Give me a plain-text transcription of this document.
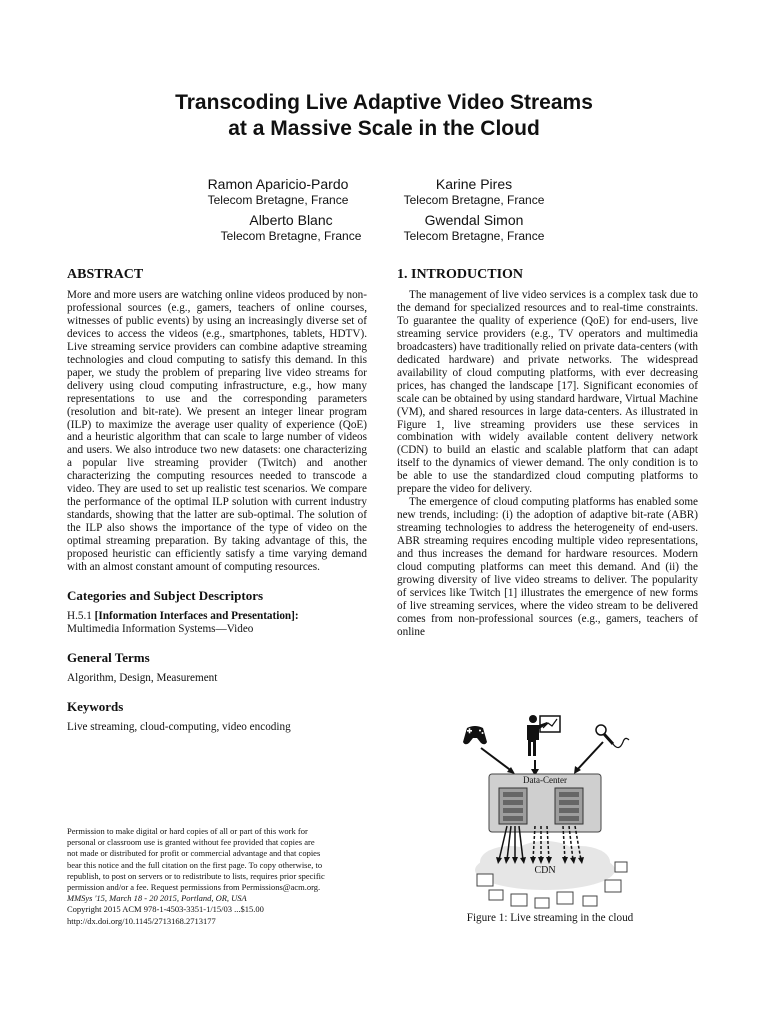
Transcoding Live Adaptive Video Streams
at a Massive Scale in the Cloud
Ramon Aparicio-Pardo
Telecom Bretagne, France
Karine Pires
Telecom Bretagne, France
Alberto Blanc
Telecom Bretagne, France
Gwendal Simon
Telecom Bretagne, France
ABSTRACT

More and more users are watching online videos produced by non-professional sources (e.g., gamers, teachers of online courses, witnesses of public events) by using an increasingly diverse set of devices to access the videos (e.g., smartphones, tablets, HDTV). Live streaming service providers can combine adaptive streaming technologies and cloud computing to satisfy this demand. In this paper, we study the problem of preparing live video streams for delivery using cloud computing infrastructure, e.g., how many representations to use and the corresponding parameters (resolution and bit-rate). We present an integer linear program (ILP) to maximize the average user quality of experience (QoE) and a heuristic algorithm that can scale to large number of videos and users. We also introduce two new datasets: one characterizing a popular live streaming provider (Twitch) and another characterizing the computing resources needed to transcode a video. They are used to set up realistic test scenarios. We compare the performance of the optimal ILP solution with current industry standards, showing that the latter are sub-optimal. The solution of the ILP also shows the importance of the type of video on the optimal streaming preparation. By taking advantage of this, the proposed heuristic can efficiently satisfy a time varying demand with an almost constant amount of computing resources.

Categories and Subject Descriptors

H.5.1 [Information Interfaces and Presentation]:
Multimedia Information Systems—Video

General Terms

Algorithm, Design, Measurement

Keywords

Live streaming, cloud-computing, video encoding

Permission to make digital or hard copies of all or part of this work for
personal or classroom use is granted without fee provided that copies are
not made or distributed for profit or commercial advantage and that copies
bear this notice and the full citation on the first page. To copy otherwise, to
republish, to post on servers or to redistribute to lists, requires prior specific
permission and/or a fee. Request permissions from Permissions@acm.org.
MMSys '15, March 18 - 20 2015, Portland, OR, USA
Copyright 2015 ACM 978-1-4503-3351-1/15/03 ...$15.00
http://dx.doi.org/10.1145/2713168.2713177
1. INTRODUCTION

The management of live video services is a complex task due to the demand for specialized resources and to real-time constraints. To guarantee the quality of experience (QoE) for end-users, live streaming service providers (e.g., TV operators and multimedia broadcasters) have traditionally relied on private data-centers (with dedicated hardware) and private networks. The widespread availability of cloud computing platforms, with ever decreasing prices, has changed the landscape [17]. Significant economies of scale can be obtained by using standard hardware, Virtual Machine (VM), and shared resources in large data-centers. As illustrated in Figure 1, live streaming providers use these services in combination with widely available content delivery network (CDN) to build an elastic and scalable platform that can adapt itself to the dynamics of viewer demand. The only condition is to be able to use the standardized cloud computing platforms to prepare the video for delivery.

The emergence of cloud computing platforms has enabled some new trends, including: (i) the adoption of adaptive bit-rate (ABR) streaming technologies to address the heterogeneity of end-users. ABR streaming requires encoding multiple video representations, and thus increases the demand for hardware resources. Modern cloud computing platforms can meet this demand. And (ii) the growing diversity of live video streams to deliver. The popularity of services like Twitch [1] illustrates the emergence of new forms of live streaming services, where the video stream to be delivered comes from non-professional sources (e.g., gamers, teachers of online

Data-Center
CDN
Figure 1: Live streaming in the cloud
